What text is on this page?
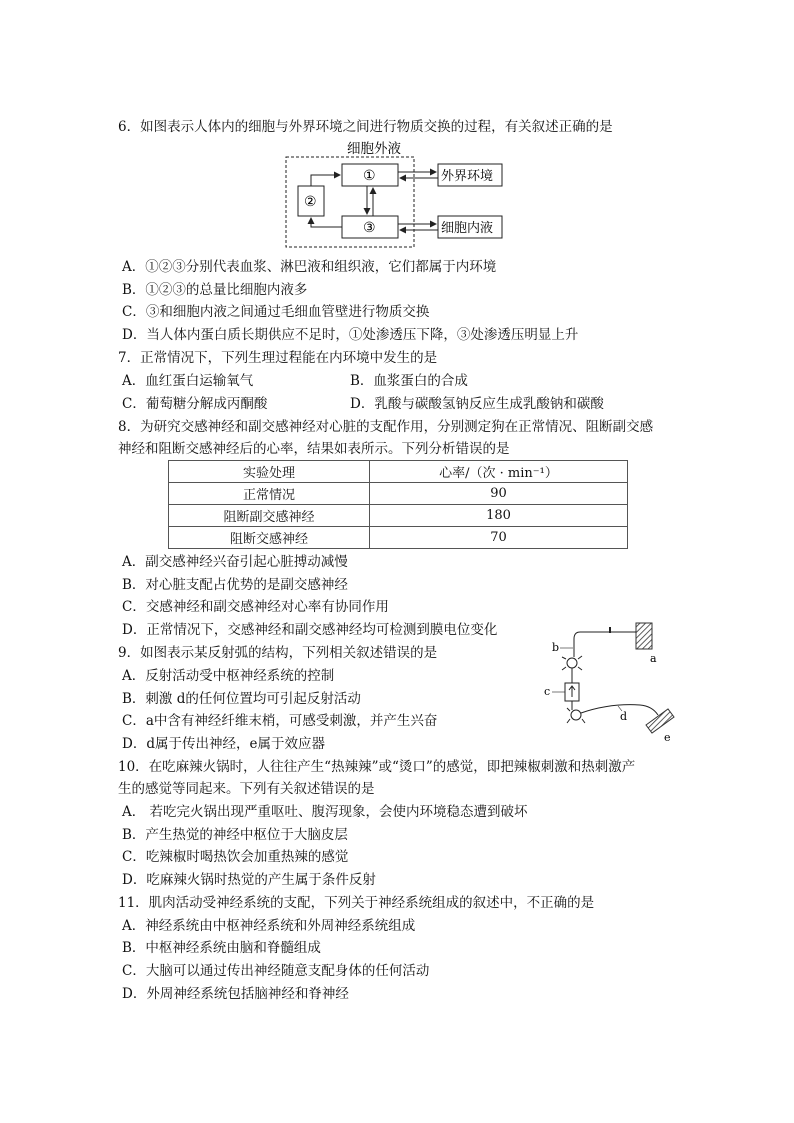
6．如图表示人体内的细胞与外界环境之间进行物质交换的过程，有关叙述正确的是
细胞外液
①
②
③
外界环境
细胞内液
A．①②③分别代表血浆、淋巴液和组织液，它们都属于内环境
B．①②③的总量比细胞内液多
C．③和细胞内液之间通过毛细血管壁进行物质交换
D．当人体内蛋白质长期供应不足时，①处渗透压下降，③处渗透压明显上升
7．正常情况下，下列生理过程能在内环境中发生的是
A．血红蛋白运输氧气	B．血浆蛋白的合成
C．葡萄糖分解成丙酮酸	D．乳酸与碳酸氢钠反应生成乳酸钠和碳酸
8．为研究交感神经和副交感神经对心脏的支配作用，分别测定狗在正常情况、阻断副交感
神经和阻断交感神经后的心率，结果如表所示。下列分析错误的是
实验处理	心率/（次 · min⁻¹）
正常情况	90
阻断副交感神经	180
阻断交感神经	70
A．副交感神经兴奋引起心脏搏动减慢
B．对心脏支配占优势的是副交感神经
C．交感神经和副交感神经对心率有协同作用
D．正常情况下，交感神经和副交感神经均可检测到膜电位变化
a
b
c
d
e
9．如图表示某反射弧的结构，下列相关叙述错误的是
A．反射活动受中枢神经系统的控制
B．刺激 d的任何位置均可引起反射活动
C．a中含有神经纤维末梢，可感受刺激，并产生兴奋
D．d属于传出神经，e属于效应器
10．在吃麻辣火锅时，人往往产生“热辣辣”或“烫口”的感觉，即把辣椒刺激和热刺激产
生的感觉等同起来。下列有关叙述错误的是
A． 若吃完火锅出现严重呕吐、腹泻现象，会使内环境稳态遭到破坏
B．产生热觉的神经中枢位于大脑皮层
C．吃辣椒时喝热饮会加重热辣的感觉
D．吃麻辣火锅时热觉的产生属于条件反射
11．肌肉活动受神经系统的支配，下列关于神经系统组成的叙述中，不正确的是
A．神经系统由中枢神经系统和外周神经系统组成
B．中枢神经系统由脑和脊髓组成
C．大脑可以通过传出神经随意支配身体的任何活动
D．外周神经系统包括脑神经和脊神经
